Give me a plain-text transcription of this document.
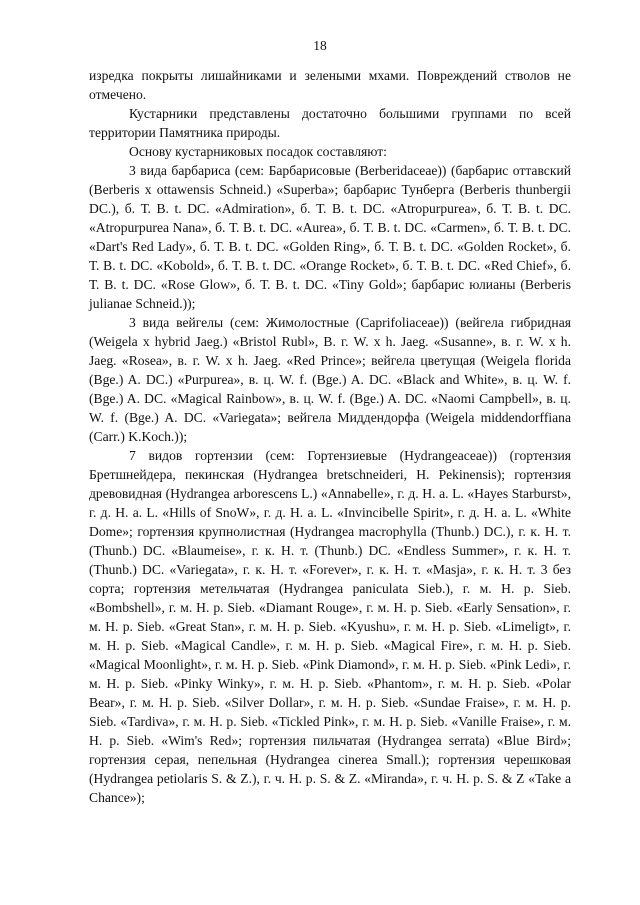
18

изредка покрыты лишайниками и зелеными мхами. Повреждений стволов не отмечено.

Кустарники представлены достаточно большими группами по всей территории Памятника природы.

Основу кустарниковых посадок составляют:

3 вида барбариса (сем: Барбарисовые (Berberidaceae)) (барбарис оттавский (Berberis x ottawensis Schneid.) «Superba»; барбарис Тунберга (Berberis thunbergii DC.), б. Т. В. t. DC. «Admiration», б. Т. В. t. DC. «Atropurpurea», б. Т. В. t. DC. «Atropurpurea Nana», б. Т. В. t. DC. «Aurea», б. Т. В. t. DC. «Carmen», б. Т. В. t. DC. «Dart's Red Lady», б. Т. В. t. DC. «Golden Ring», б. Т. В. t. DC. «Golden Rocket», б. Т. В. t. DC. «Kobold», б. Т. В. t. DC. «Orange Rocket», б. Т. В. t. DC. «Red Chief», б. Т. В. t. DC. «Rose Glow», б. Т. В. t. DC. «Tiny Gold»; барбарис юлианы (Berberis julianae Schneid.));

3 вида вейгелы (сем: Жимолостные (Caprifoliaceae)) (вейгела гибридная (Weigela x hybrid Jaeg.) «Bristol Rubl», В. г. W. x h. Jaeg. «Susanne», в. г. W. x h. Jaeg. «Rosea», в. г. W. x h. Jaeg. «Red Prince»; вейгела цветущая (Weigela florida (Bge.) A. DC.) «Purpurea», в. ц. W. f. (Bge.) A. DC. «Black and White», в. ц. W. f. (Bge.) A. DC. «Magical Rainbow», в. ц. W. f. (Bge.) A. DC. «Naomi Campbell», в. ц. W. f. (Bge.) A. DC. «Variegata»; вейгела Миддендорфа (Weigela middendorffiana (Carr.) K.Koch.));

7 видов гортензии (сем: Гортензиевые (Hydrangeaceae)) (гортензия Бретшнейдера, пекинская (Hydrangea bretschneideri, H. Pekinensis); гортензия древовидная (Hydrangea arborescens L.) «Annabelle», г. д. Н. а. L. «Hayes Starburst», г. д. Н. а. L. «Hills of SnoW», г. д. Н. а. L. «Invincibelle Spirit», г. д. Н. а. L. «White Dome»; гортензия крупнолистная (Hydrangea macrophylla (Thunb.) DC.), г. к. Н. т. (Thunb.) DC. «Blaumeise», г. к. Н. т. (Thunb.) DC. «Endless Summer», г. к. Н. т. (Thunb.) DC. «Variegata», г. к. Н. т. «Forever», г. к. Н. т. «Masja», г. к. Н. т. 3 без сорта; гортензия метельчатая (Hydrangea paniculata Sieb.), г. м. Н. р. Sieb. «Bombshell», г. м. Н. р. Sieb. «Diamant Rouge», г. м. Н. р. Sieb. «Early Sensation», г. м. Н. р. Sieb. «Great Stan», г. м. Н. р. Sieb. «Kyushu», г. м. Н. р. Sieb. «Limeligt», г. м. Н. р. Sieb. «Magical Candle», г. м. Н. р. Sieb. «Magical Fire», г. м. Н. р. Sieb. «Magical Moonlight», г. м. Н. р. Sieb. «Pink Diamond», г. м. Н. р. Sieb. «Pink Ledi», г. м. Н. р. Sieb. «Pinky Winky», г. м. Н. р. Sieb. «Phantom», г. м. Н. р. Sieb. «Polar Bear», г. м. Н. р. Sieb. «Silver Dollar», г. м. Н. р. Sieb. «Sundae Fraise», г. м. Н. р. Sieb. «Tardiva», г. м. Н. р. Sieb. «Tickled Pink», г. м. Н. р. Sieb. «Vanille Fraise», г. м. Н. р. Sieb. «Wim's Red»; гортензия пильчатая (Hydrangea serrata) «Blue Bird»; гортензия серая, пепельная (Hydrangea cinerea Small.); гортензия черешковая (Hydrangea petiolaris S. & Z.), г. ч. Н. р. S. & Z. «Miranda», г. ч. Н. р. S. & Z «Take a Chance»);
